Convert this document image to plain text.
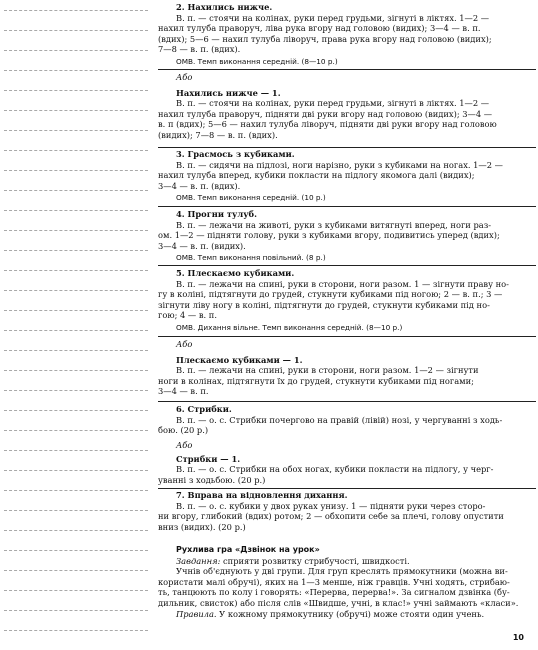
2. Нахились нижче.
В. п. — стоячи на колінах, руки перед грудьми, зігнуті в ліктях. 1—2 —
нахил тулуба праворуч, ліва рука вгору над головою (видих); 3—4 — в. п.
(вдих); 5—6 — нахил тулуба ліворуч, права рука вгору над головою (видих);
7—8 — в. п. (вдих).
ОМВ. Темп виконання середній. (8—10 р.)
Або
Нахились нижче — 1.
В. п. — стоячи на колінах, руки перед грудьми, зігнуті в ліктях. 1—2 —
нахил тулуба праворуч, підняти дві руки вгору над головою (видих); 3—4 —
в. п (вдих); 5—6 — нахил тулуба ліворуч, підняти дві руки вгору над головою
(видих); 7—8 — в. п. (вдих).
3. Грасмось з кубиками.
В. п. — сидячи на підлозі, ноги нарізно, руки з кубиками на ногах. 1—2 —
нахил тулуба вперед, кубики покласти на підлогу якомога далі (видих);
3—4 — в. п. (вдих).
ОМВ. Темп виконання середній. (10 р.)
4. Прогни тулуб.
В. п. — лежачи на животі, руки з кубиками витягнуті вперед, ноги раз-
ом. 1—2 — підняти голову, руки з кубиками вгору, подивитись уперед (вдих);
3—4 — в. п. (видих).
ОМВ. Темп виконання повільний. (8 р.)
5. Плескаємо кубиками.
В. п. — лежачи на спині, руки в сторони, ноги разом. 1 — зігнути праву но-
гу в коліні, підтягнути до грудей, стукнути кубиками під ногою; 2 — в. п.; 3 —
зігнути ліву ногу в коліні, підтягнути до грудей, стукнути кубиками під но-
гою; 4 — в. п.
ОМВ. Дихання вільне. Темп виконання середній. (8—10 р.)
Або
Плескаємо кубиками — 1.
В. п. — лежачи на спині, руки в сторони, ноги разом. 1—2 — зігнути
ноги в колінах, підтягнути їх до грудей, стукнути кубиками під ногами;
3—4 — в. п.
6. Стрибки.
В. п. — о. с. Стрибки почергово на правій (лівій) нозі, у чергуванні з ходь-
бою. (20 р.)
Або
Стрибки — 1.
В. п. — о. с. Стрибки на обох ногах, кубики покласти на підлогу, у черг-
уванні з ходьбою. (20 р.)
7. Вправа на відновлення дихання.
В. п. — о. с. кубики у двох руках унизу. 1 — підняти руки через сторо-
ни вгору, глибокий (вдих) ротом; 2 — обхопити себе за плечі, голову опустити
вниз (видих). (20 р.)
Рухлива гра «Дзвінок на урок»
Завдання: сприяти розвитку стрибучості, швидкості.
Учнів об'єднують у дві групи. Для груп креслять прямокутники (можна ви-
користати малі обручі), яких на 1—3 менше, ніж гравців. Учні ходять, стрибаю-
ть, танцюють по колу і говорять: «Перерва, перерва!». За сигналом дзвінка (бу-
дильник, свисток) або після слів «Швидше, учні, в клас!» учні займають «класи».
Правила. У кожному прямокутнику (обручі) може стояти один учень.
10
